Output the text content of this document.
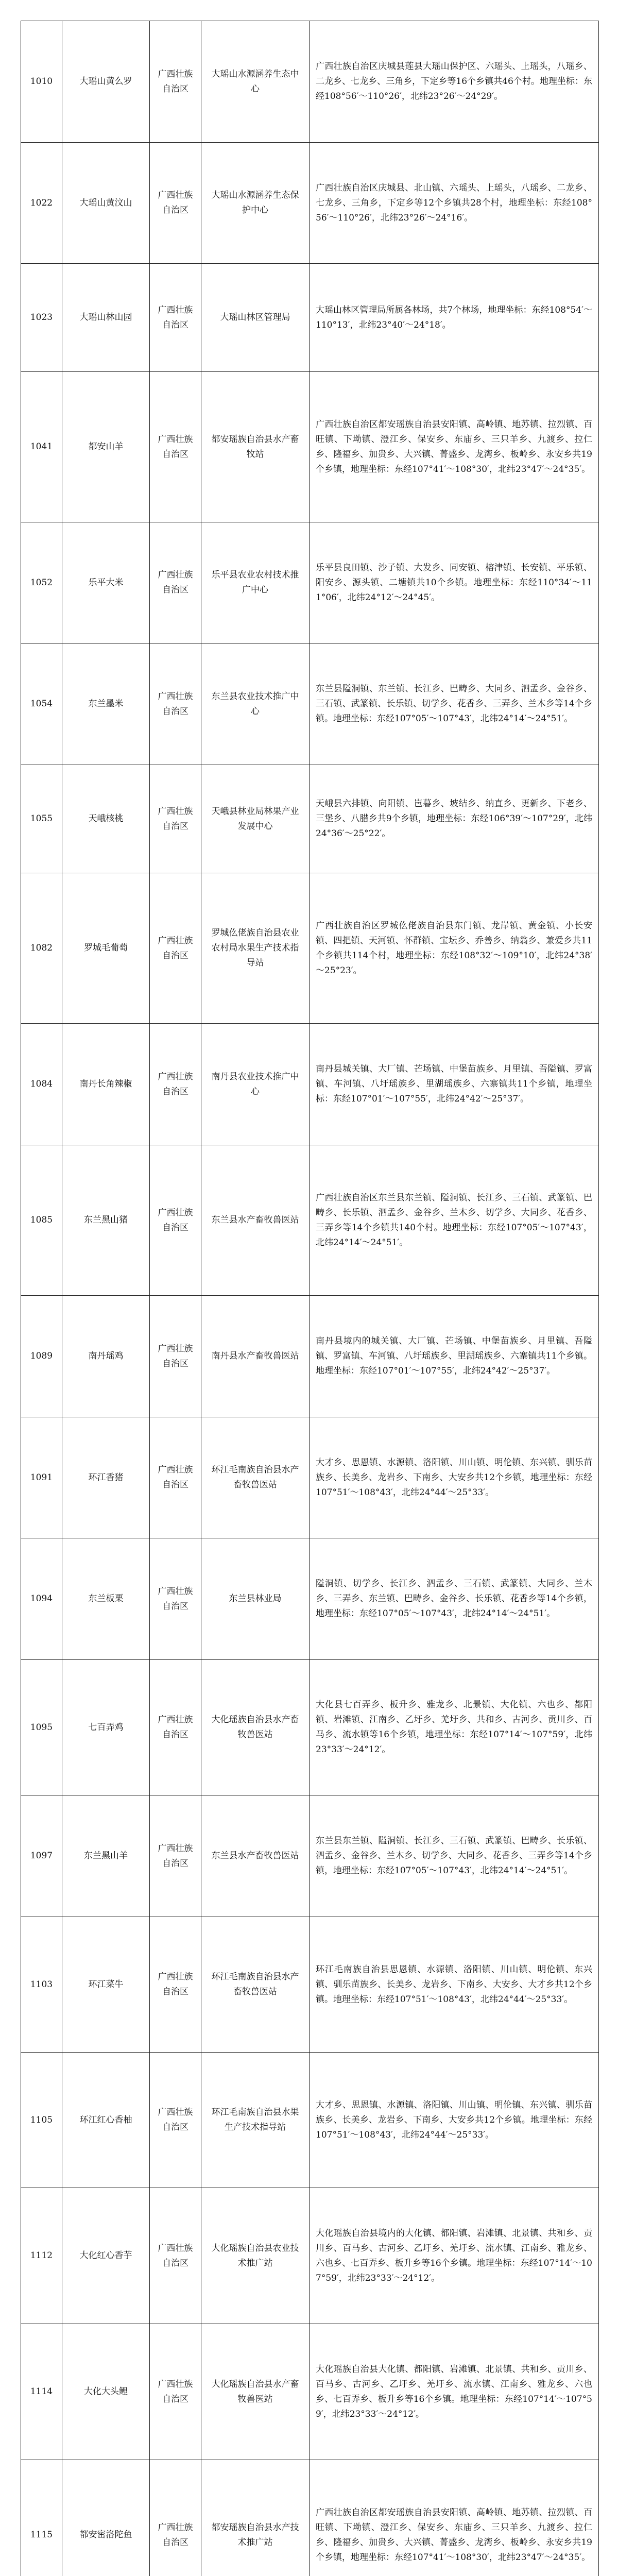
1010	大瑶山黄么罗	广西壮族自治区	大瑶山水源涵养生态中心	广西壮族自治区庆城县莲县大瑶山保护区、六瑶头、上瑶头，八瑶乡、二龙乡、七龙乡、三角乡，下定乡等16个乡镇共46个村。地理坐标：东经108°56′～110°26′，北纬23°26′～24°29′。
1022	大瑶山黄汶山	广西壮族自治区	大瑶山水源涵养生态保护中心	广西壮族自治区庆城县、北山镇、六瑶头、上瑶头，八瑶乡、二龙乡、七龙乡、三角乡，下定乡等12个乡镇共28个村，地理坐标：东经108°56′～110°26′，北纬23°26′～24°16′。
1023	大瑶山林山园	广西壮族自治区	大瑶山林区管理局	大瑶山林区管理局所属各林场，共7个林场，地理坐标：东经108°54′～110°13′，北纬23°40′～24°18′。
1041	都安山羊	广西壮族自治区	都安瑶族自治县水产畜牧站	广西壮族自治区都安瑶族自治县安阳镇、高岭镇、地苏镇、拉烈镇、百旺镇、下坳镇、澄江乡、保安乡、东庙乡、三只羊乡、九渡乡、拉仁乡、隆福乡、加贵乡、大兴镇、菁盛乡、龙湾乡、板岭乡、永安乡共19个乡镇，地理坐标：东经107°41′～108°30′，北纬23°47′～24°35′。
1052	乐平大米	广西壮族自治区	乐平县农业农村技术推广中心	乐平县良田镇、沙子镇、大发乡、同安镇、榕津镇、长安镇、平乐镇、阳安乡、源头镇、二塘镇共10个乡镇。地理坐标：东经110°34′～111°06′，北纬24°12′～24°45′。
1054	东兰墨米	广西壮族自治区	东兰县农业技术推广中心	东兰县隘洞镇、东兰镇、长江乡、巴畴乡、大同乡、泗孟乡、金谷乡、三石镇、武篆镇、长乐镇、切学乡、花香乡、三弄乡、兰木乡等14个乡镇。地理坐标：东经107°05′～107°43′，北纬24°14′～24°51′。
1055	天峨核桃	广西壮族自治区	天峨县林业局林果产业发展中心	天峨县六排镇、向阳镇、岜暮乡、坡结乡、纳直乡、更新乡、下老乡、三堡乡、八腊乡共9个乡镇，地理坐标：东经106°39′～107°29′，北纬24°36′～25°22′。
1082	罗城毛葡萄	广西壮族自治区	罗城仫佬族自治县农业农村局水果生产技术指导站	广西壮族自治区罗城仫佬族自治县东门镇、龙岸镇、黄金镇、小长安镇、四把镇、天河镇、怀群镇、宝坛乡、乔善乡、纳翁乡、兼爱乡共11个乡镇共114个村，地理坐标：东经108°32′～109°10′，北纬24°38′～25°23′。
1084	南丹长角辣椒	广西壮族自治区	南丹县农业技术推广中心	南丹县城关镇、大厂镇、芒场镇、中堡苗族乡、月里镇、吾隘镇、罗富镇、车河镇、八圩瑶族乡、里湖瑶族乡、六寨镇共11个乡镇，地理坐标：东经107°01′～107°55′，北纬24°42′～25°37′。
1085	东兰黑山猪	广西壮族自治区	东兰县水产畜牧兽医站	广西壮族自治区东兰县东兰镇、隘洞镇、长江乡、三石镇、武篆镇、巴畴乡、长乐镇、泗孟乡、金谷乡、兰木乡、切学乡、大同乡、花香乡、三弄乡等14个乡镇共140个村。地理坐标：东经107°05′～107°43′，北纬24°14′～24°51′。
1089	南丹瑶鸡	广西壮族自治区	南丹县水产畜牧兽医站	南丹县境内的城关镇、大厂镇、芒场镇、中堡苗族乡、月里镇、吾隘镇、罗富镇、车河镇、八圩瑶族乡、里湖瑶族乡、六寨镇共11个乡镇。地理坐标：东经107°01′～107°55′，北纬24°42′～25°37′。
1091	环江香猪	广西壮族自治区	环江毛南族自治县水产畜牧兽医站	大才乡、思恩镇、水源镇、洛阳镇、川山镇、明伦镇、东兴镇、驯乐苗族乡、长美乡、龙岩乡、下南乡、大安乡共12个乡镇，地理坐标：东经107°51′～108°43′，北纬24°44′～25°33′。
1094	东兰板栗	广西壮族自治区	东兰县林业局	隘洞镇、切学乡、长江乡、泗孟乡、三石镇、武篆镇、大同乡、兰木乡、三弄乡、东兰镇、巴畴乡、金谷乡、长乐镇、花香乡等14个乡镇，地理坐标：东经107°05′～107°43′，北纬24°14′～24°51′。
1095	七百弄鸡	广西壮族自治区	大化瑶族自治县水产畜牧兽医站	大化县七百弄乡、板升乡、雅龙乡、北景镇、大化镇、六也乡、都阳镇、岩滩镇、江南乡、乙圩乡、羌圩乡、共和乡、古河乡、贡川乡、百马乡、流水镇等16个乡镇，地理坐标：东经107°14′～107°59′，北纬23°33′～24°12′。
1097	东兰黑山羊	广西壮族自治区	东兰县水产畜牧兽医站	东兰县东兰镇、隘洞镇、长江乡、三石镇、武篆镇、巴畴乡、长乐镇、泗孟乡、金谷乡、兰木乡、切学乡、大同乡、花香乡、三弄乡等14个乡镇，地理坐标：东经107°05′～107°43′，北纬24°14′～24°51′。
1103	环江菜牛	广西壮族自治区	环江毛南族自治县水产畜牧兽医站	环江毛南族自治县思恩镇、水源镇、洛阳镇、川山镇、明伦镇、东兴镇、驯乐苗族乡、长美乡、龙岩乡、下南乡、大安乡、大才乡共12个乡镇。地理坐标：东经107°51′～108°43′，北纬24°44′～25°33′。
1105	环江红心香柚	广西壮族自治区	环江毛南族自治县水果生产技术指导站	大才乡、思恩镇、水源镇、洛阳镇、川山镇、明伦镇、东兴镇、驯乐苗族乡、长美乡、龙岩乡、下南乡、大安乡共12个乡镇。地理坐标：东经107°51′～108°43′，北纬24°44′～25°33′。
1112	大化红心香芋	广西壮族自治区	大化瑶族自治县农业技术推广站	大化瑶族自治县境内的大化镇、都阳镇、岩滩镇、北景镇、共和乡、贡川乡、百马乡、古河乡、乙圩乡、羌圩乡、流水镇、江南乡、雅龙乡、六也乡、七百弄乡、板升乡等16个乡镇。地理坐标：东经107°14′～107°59′，北纬23°33′～24°12′。
1114	大化大头鲤	广西壮族自治区	大化瑶族自治县水产畜牧兽医站	大化瑶族自治县大化镇、都阳镇、岩滩镇、北景镇、共和乡、贡川乡、百马乡、古河乡、乙圩乡、羌圩乡、流水镇、江南乡、雅龙乡、六也乡、七百弄乡、板升乡等16个乡镇。地理坐标：东经107°14′～107°59′，北纬23°33′～24°12′。
1115	都安密洛陀鱼	广西壮族自治区	都安瑶族自治县水产技术推广站	广西壮族自治区都安瑶族自治县安阳镇、高岭镇、地苏镇、拉烈镇、百旺镇、下坳镇、澄江乡、保安乡、东庙乡、三只羊乡、九渡乡、拉仁乡、隆福乡、加贵乡、大兴镇、菁盛乡、龙湾乡、板岭乡、永安乡共19个乡镇，地理坐标：东经107°41′～108°30′，北纬23°47′～24°35′。
